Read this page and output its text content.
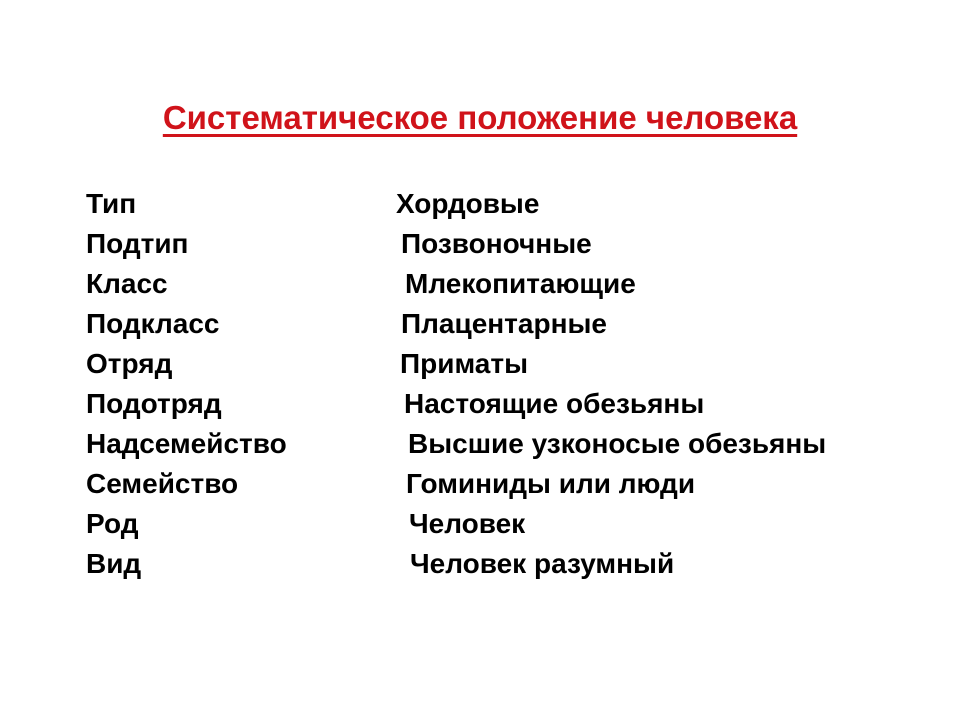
Систематическое положение человека
Тип	Хордовые
Подтип	Позвоночные
Класс	Млекопитающие
Подкласс	Плацентарные
Отряд	Приматы
Подотряд	Настоящие обезьяны
Надсемейство	Высшие узконосые обезьяны
Семейство	Гоминиды или люди
Род	Человек
Вид	Человек разумный
